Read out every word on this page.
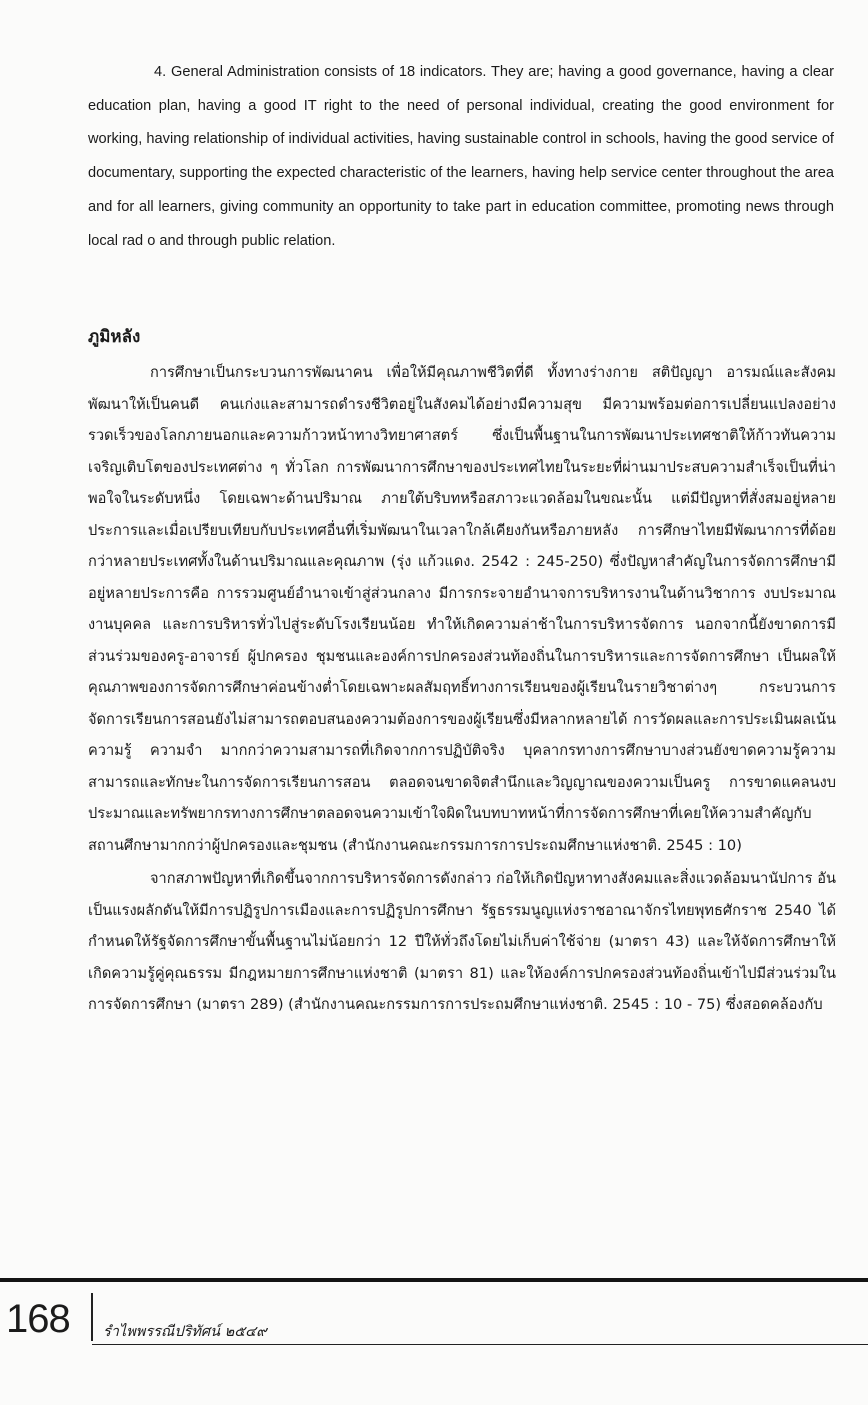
4. General Administration consists of 18 indicators. They are; having a good governance, having a clear education plan, having a good IT right to the need of personal individual, creating the good environment for working, having relationship of individual activities, having sustainable control in schools, having the good service of documentary, supporting the expected characteristic of the learners, having help service center throughout the area and for all learners, giving community an opportunity to take part in education committee, promoting news through local rad o and through public relation.

ภูมิหลัง

การศึกษาเป็นกระบวนการพัฒนาคน เพื่อให้มีคุณภาพชีวิตที่ดี ทั้งทางร่างกาย สติปัญญา อารมณ์และสังคม พัฒนาให้เป็นคนดี คนเก่งและสามารถดำรงชีวิตอยู่ในสังคมได้อย่างมีความสุข มีความพร้อมต่อการเปลี่ยนแปลงอย่างรวดเร็วของโลกภายนอกและความก้าวหน้าทางวิทยาศาสตร์ ซึ่งเป็นพื้นฐานในการพัฒนาประเทศชาติให้ก้าวทันความเจริญเติบโตของประเทศต่าง ๆ ทั่วโลก การพัฒนาการศึกษาของประเทศไทยในระยะที่ผ่านมาประสบความสำเร็จเป็นที่น่าพอใจในระดับหนึ่ง โดยเฉพาะด้านปริมาณ ภายใต้บริบทหรือสภาวะแวดล้อมในขณะนั้น แต่มีปัญหาที่สั่งสมอยู่หลายประการและเมื่อเปรียบเทียบกับประเทศอื่นที่เริ่มพัฒนาในเวลาใกล้เคียงกันหรือภายหลัง การศึกษาไทยมีพัฒนาการที่ด้อยกว่าหลายประเทศทั้งในด้านปริมาณและคุณภาพ (รุ่ง แก้วแดง. 2542 : 245-250) ซึ่งปัญหาสำคัญในการจัดการศึกษามีอยู่หลายประการคือ การรวมศูนย์อำนาจเข้าสู่ส่วนกลาง มีการกระจายอำนาจการบริหารงานในด้านวิชาการ งบประมาณ งานบุคคล และการบริหารทั่วไปสู่ระดับโรงเรียนน้อย ทำให้เกิดความล่าช้าในการบริหารจัดการ นอกจากนี้ยังขาดการมีส่วนร่วมของครู-อาจารย์ ผู้ปกครอง ชุมชนและองค์การปกครองส่วนท้องถิ่นในการบริหารและการจัดการศึกษา เป็นผลให้คุณภาพของการจัดการศึกษาค่อนข้างต่ำโดยเฉพาะผลสัมฤทธิ์ทางการเรียนของผู้เรียนในรายวิชาต่างๆ กระบวนการจัดการเรียนการสอนยังไม่สามารถตอบสนองความต้องการของผู้เรียนซึ่งมีหลากหลายได้ การวัดผลและการประเมินผลเน้นความรู้ ความจำ มากกว่าความสามารถที่เกิดจากการปฏิบัติจริง บุคลากรทางการศึกษาบางส่วนยังขาดความรู้ความสามารถและทักษะในการจัดการเรียนการสอน ตลอดจนขาดจิตสำนึกและวิญญาณของความเป็นครู การขาดแคลนงบประมาณและทรัพยากรทางการศึกษาตลอดจนความเข้าใจผิดในบทบาทหน้าที่การจัดการศึกษาที่เคยให้ความสำคัญกับสถานศึกษามากกว่าผู้ปกครองและชุมชน (สำนักงานคณะกรรมการการประถมศึกษาแห่งชาติ. 2545 : 10)

จากสภาพปัญหาที่เกิดขึ้นจากการบริหารจัดการดังกล่าว ก่อให้เกิดปัญหาทางสังคมและสิ่งแวดล้อมนานัปการ อันเป็นแรงผลักดันให้มีการปฏิรูปการเมืองและการปฏิรูปการศึกษา รัฐธรรมนูญแห่งราชอาณาจักรไทยพุทธศักราช 2540 ได้กำหนดให้รัฐจัดการศึกษาขั้นพื้นฐานไม่น้อยกว่า 12 ปีให้ทั่วถึงโดยไม่เก็บค่าใช้จ่าย (มาตรา 43) และให้จัดการศึกษาให้เกิดความรู้คู่คุณธรรม มีกฎหมายการศึกษาแห่งชาติ (มาตรา 81) และให้องค์การปกครองส่วนท้องถิ่นเข้าไปมีส่วนร่วมในการจัดการศึกษา (มาตรา 289) (สำนักงานคณะกรรมการการประถมศึกษาแห่งชาติ. 2545 : 10 - 75) ซึ่งสอดคล้องกับ

168 รำไพพรรณีปริทัศน์ ๒๕๔๙
